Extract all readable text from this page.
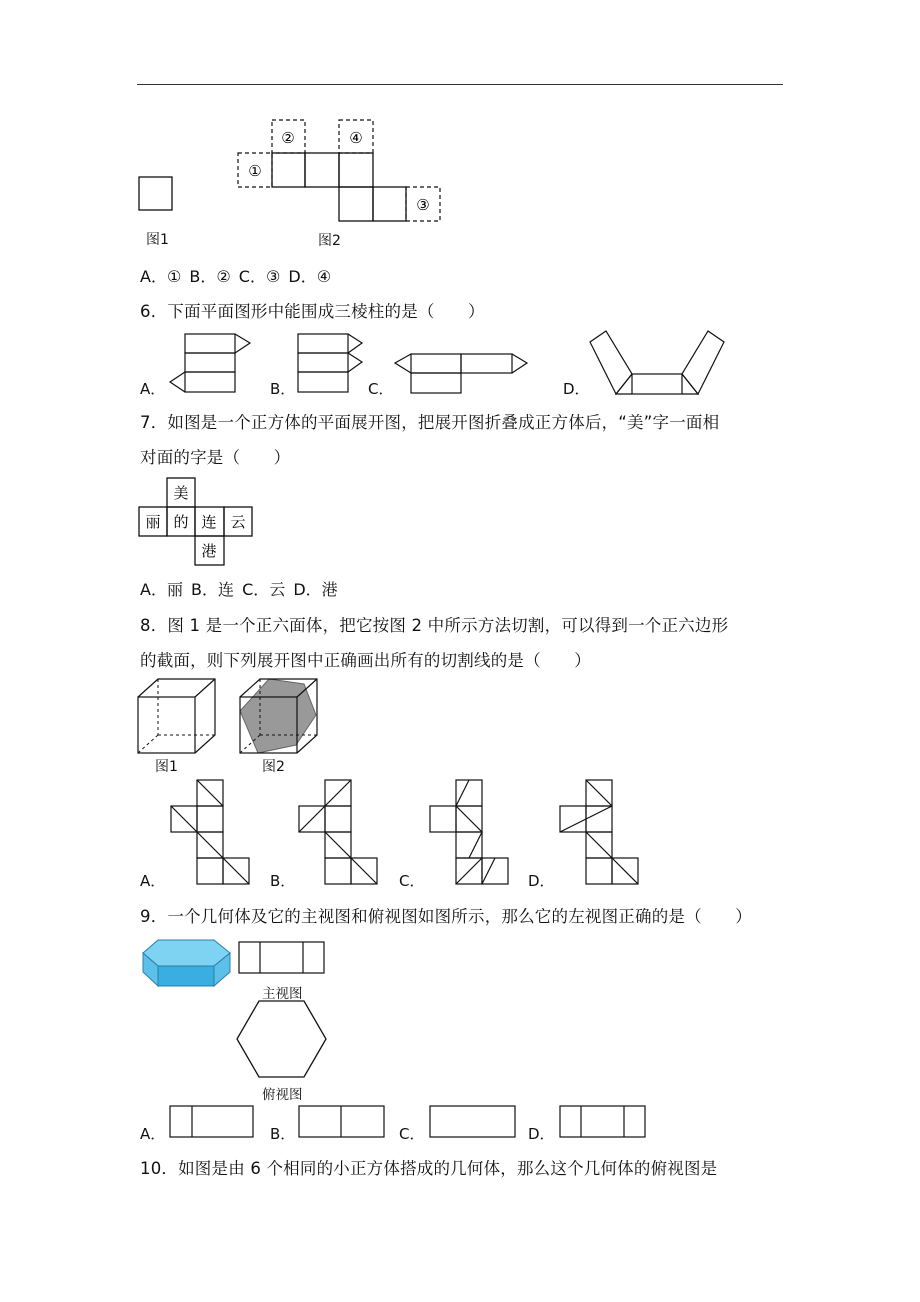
图1
①
②	④
③
图2
A．① B．② C．③ D．④
6．下面平面图形中能围成三棱柱的是（　　）
A．	B．	C．	D．
7．如图是一个正方体的平面展开图，把展开图折叠成正方体后，“美”字一面相
对面的字是（　　）
美
丽 的 连 云
港
A．丽 B．连 C．云 D．港
8．图 1 是一个正六面体，把它按图 2 中所示方法切割，可以得到一个正六边形
的截面，则下列展开图中正确画出所有的切割线的是（　　）
图1	图2
A．	B．	C．	D．
9．一个几何体及它的主视图和俯视图如图所示，那么它的左视图正确的是（　　）
主视图
俯视图
A．	B．	C．	D．
10．如图是由 6 个相同的小正方体搭成的几何体，那么这个几何体的俯视图是
